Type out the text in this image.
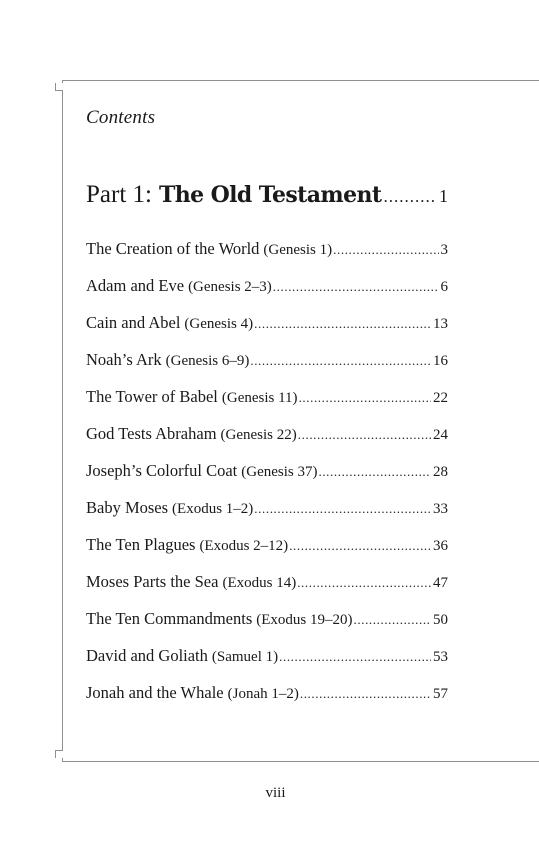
Contents
Part 1: The Old Testament .....	1
The Creation of the World (Genesis 1) .....	3
Adam and Eve (Genesis 2–3) .....	6
Cain and Abel (Genesis 4) .....	13
Noah’s Ark (Genesis 6–9) .....	16
The Tower of Babel (Genesis 11) .....	22
God Tests Abraham (Genesis 22) .....	24
Joseph’s Colorful Coat (Genesis 37) .....	28
Baby Moses (Exodus 1–2) .....	33
The Ten Plagues (Exodus 2–12) .....	36
Moses Parts the Sea (Exodus 14) .....	47
The Ten Commandments (Exodus 19–20) .....	50
David and Goliath (Samuel 1) .....	53
Jonah and the Whale (Jonah 1–2) .....	57
viii
